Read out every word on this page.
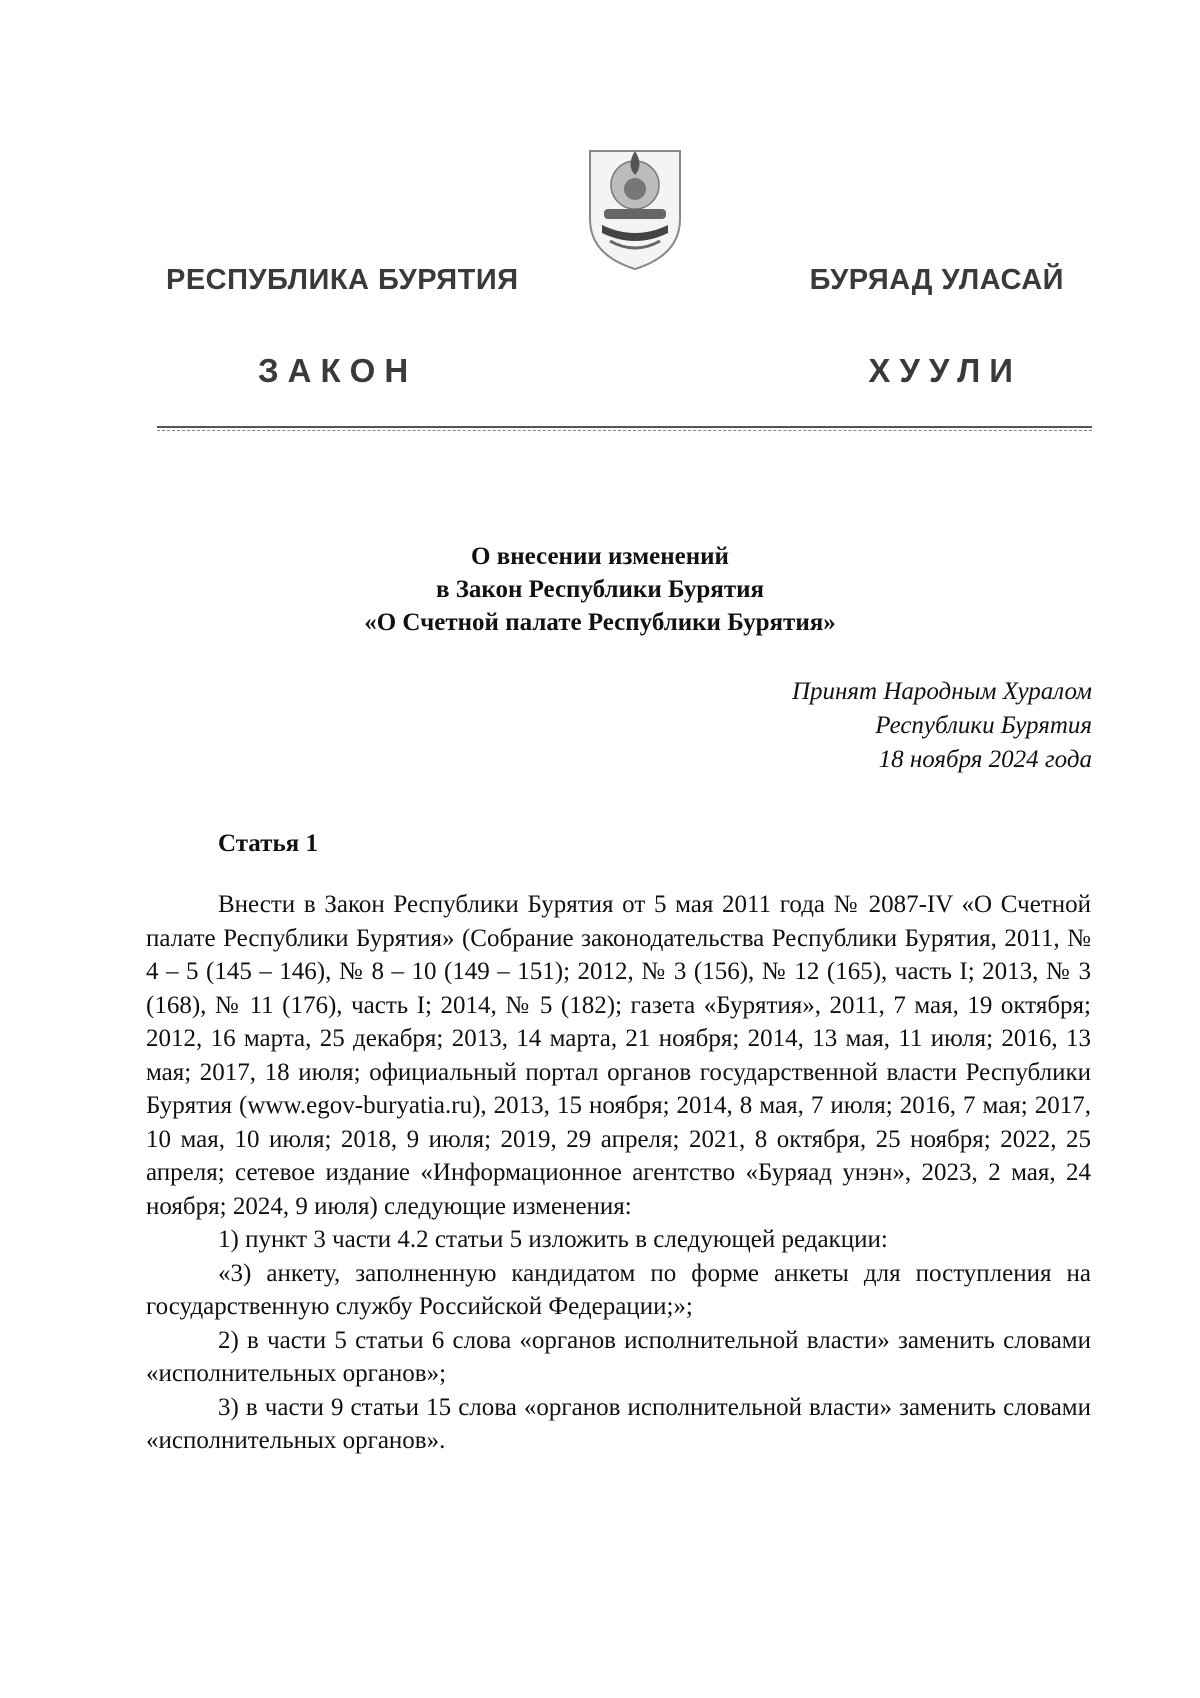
РЕСПУБЛИКА БУРЯТИЯ	БУРЯАД УЛАСАЙ
ЗАКОН	ХУУЛИ
О внесении изменений
в Закон Республики Бурятия
«О Счетной палате Республики Бурятия»
Принят Народным Хуралом
Республики Бурятия
18 ноября 2024 года
Статья 1

Внести в Закон Республики Бурятия от 5 мая 2011 года № 2087-IV «О Счетной палате Республики Бурятия» (Собрание законодательства Республики Бурятия, 2011, № 4 – 5 (145 – 146), № 8 – 10 (149 – 151); 2012, № 3 (156), № 12 (165), часть I; 2013, № 3 (168), № 11 (176), часть I; 2014, № 5 (182); газета «Бурятия», 2011, 7 мая, 19 октября; 2012, 16 марта, 25 декабря; 2013, 14 марта, 21 ноября; 2014, 13 мая, 11 июля; 2016, 13 мая; 2017, 18 июля; официальный портал органов государственной власти Республики Бурятия (www.egov-buryatia.ru), 2013, 15 ноября; 2014, 8 мая, 7 июля; 2016, 7 мая; 2017, 10 мая, 10 июля; 2018, 9 июля; 2019, 29 апреля; 2021, 8 октября, 25 ноября; 2022, 25 апреля; сетевое издание «Информационное агентство «Буряад унэн», 2023, 2 мая, 24 ноября; 2024, 9 июля) следующие изменения:

1) пункт 3 части 4.2 статьи 5 изложить в следующей редакции:

«3) анкету, заполненную кандидатом по форме анкеты для поступления на государственную службу Российской Федерации;»;

2) в части 5 статьи 6 слова «органов исполнительной власти» заменить словами «исполнительных органов»;

3) в части 9 статьи 15 слова «органов исполнительной власти» заменить словами «исполнительных органов».
